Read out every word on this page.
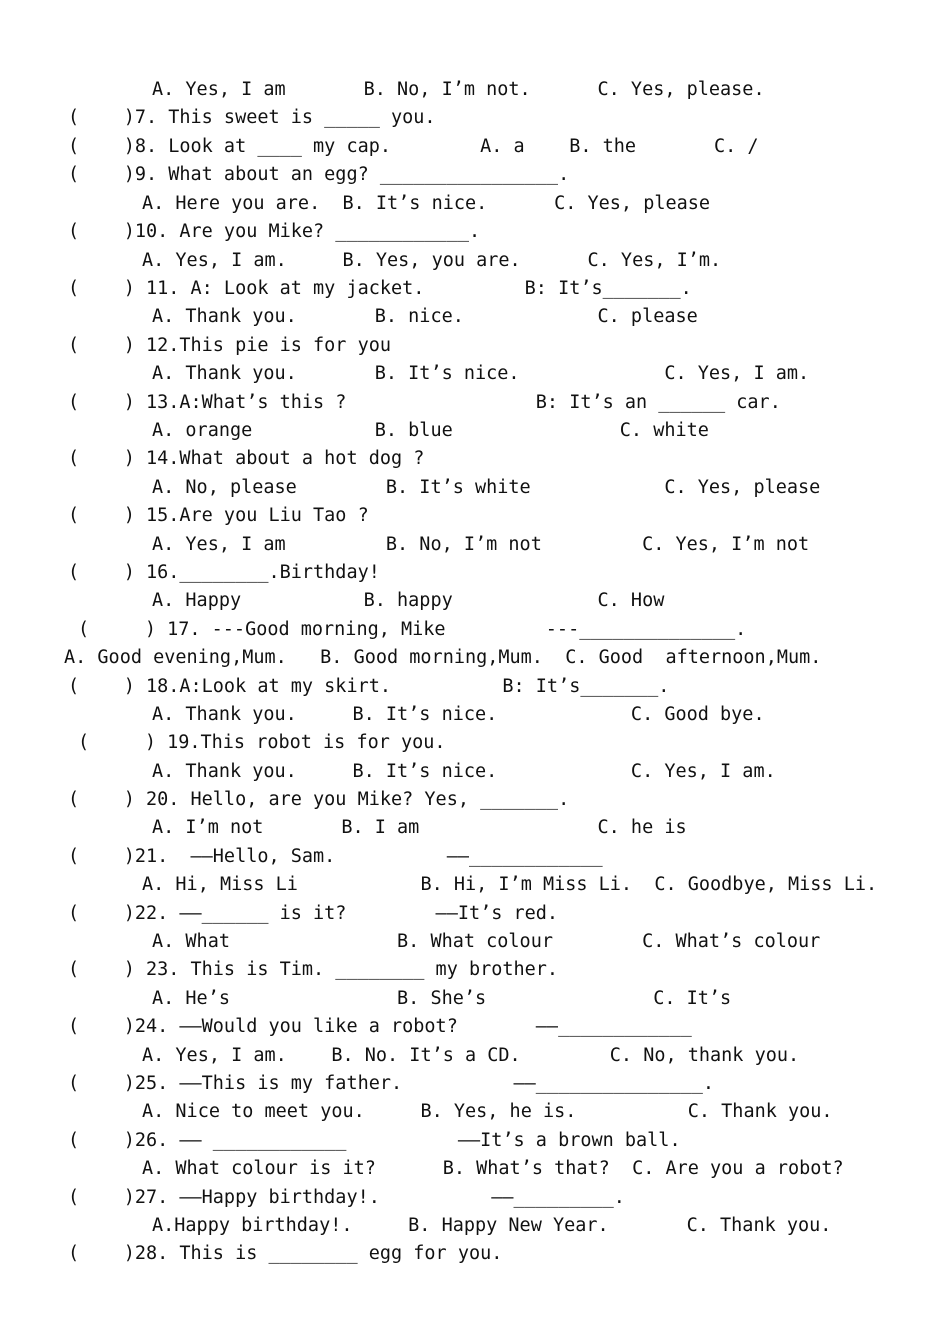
A. Yes, I am       B. No, I’m not.      C. Yes, please.
(    )7. This sweet is _____ you.
(    )8. Look at ____ my cap.        A. a    B. the       C. /
(    )9. What about an egg? ________________.
A. Here you are.  B. It’s nice.      C. Yes, please
(    )10. Are you Mike? ____________.
A. Yes, I am.     B. Yes, you are.      C. Yes, I’m.
(    ) 11. A: Look at my jacket.         B: It’s_______.
A. Thank you.       B. nice.            C. please
(    ) 12.This pie is for you
A. Thank you.       B. It’s nice.             C. Yes, I am.
(    ) 13.A:What’s this ?                 B: It’s an ______ car.
A. orange           B. blue               C. white
(    ) 14.What about a hot dog ?
A. No, please        B. It’s white            C. Yes, please
(    ) 15.Are you Liu Tao ?
A. Yes, I am         B. No, I’m not         C. Yes, I’m not
(    ) 16.________.Birthday!
A. Happy           B. happy             C. How
(     ) 17. ---Good morning, Mike         ---______________.
A. Good evening,Mum.   B. Good morning,Mum.  C. Good  afternoon,Mum.
(    ) 18.A:Look at my skirt.          B: It’s_______.
A. Thank you.     B. It’s nice.            C. Good bye.
(     ) 19.This robot is for you.
A. Thank you.     B. It’s nice.            C. Yes, I am.
(    ) 20. Hello, are you Mike? Yes, _______.
A. I’m not       B. I am                C. he is
(    )21.  ——Hello, Sam.          ——____________
A. Hi, Miss Li           B. Hi, I’m Miss Li.  C. Goodbye, Miss Li.
(    )22. ——______ is it?        ——It’s red.
A. What               B. What colour        C. What’s colour
(    ) 23. This is Tim. ________ my brother.
A. He’s               B. She’s               C. It’s
(    )24. ——Would you like a robot?       ——____________
A. Yes, I am.    B. No. It’s a CD.        C. No, thank you.
(    )25. ——This is my father.          ——_______________.
A. Nice to meet you.     B. Yes, he is.          C. Thank you.
(    )26. —— ____________          ——It’s a brown ball.
A. What colour is it?      B. What’s that?  C. Are you a robot?
(    )27. ——Happy birthday!.          ——_________.
A.Happy birthday!.     B. Happy New Year.       C. Thank you.
(    )28. This is ________ egg for you.
